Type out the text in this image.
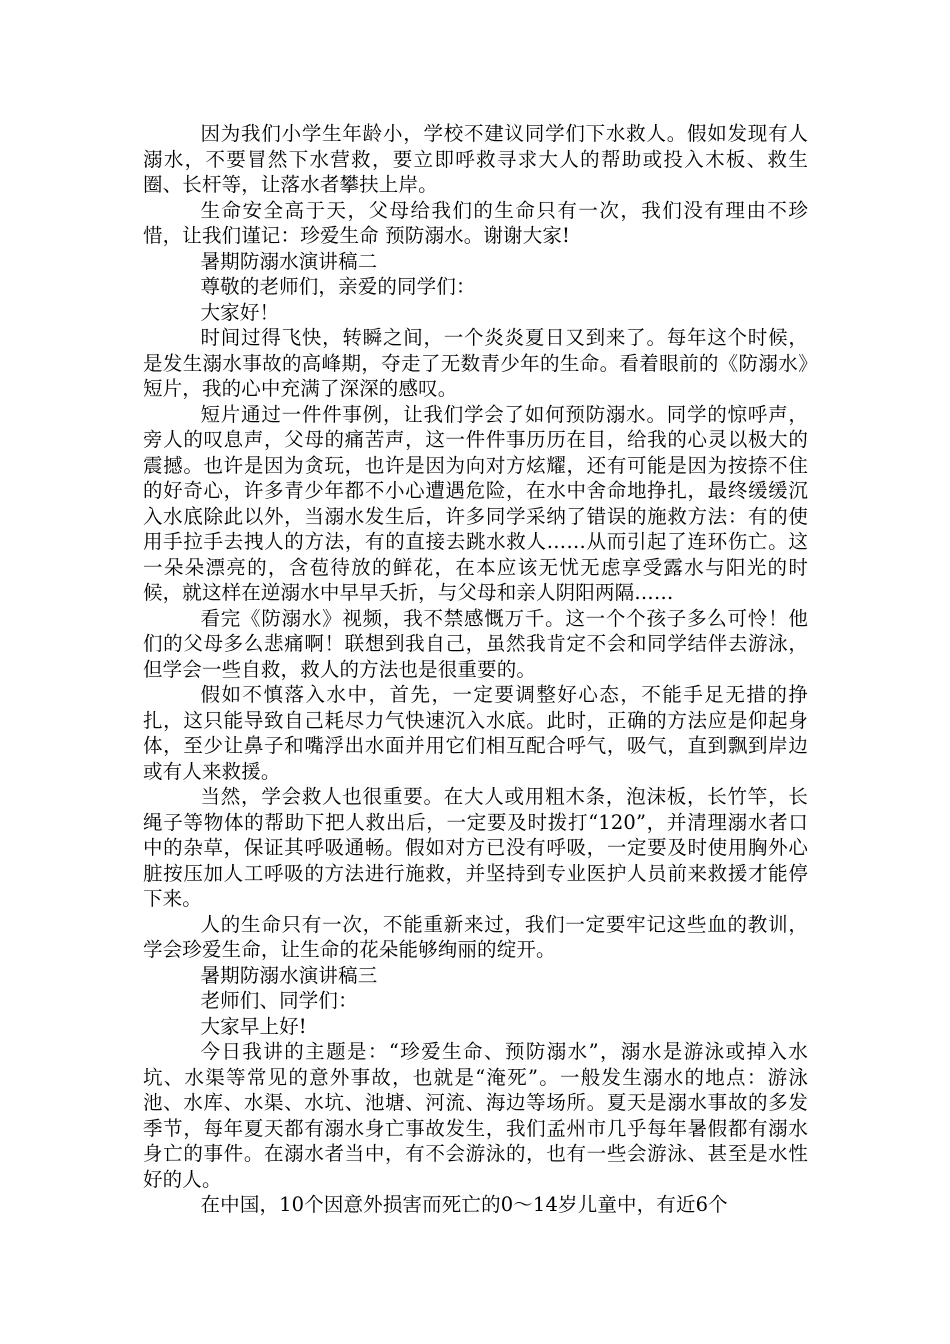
因为我们小学生年龄小，学校不建议同学们下水救人。假如发现有人溺水，不要冒然下水营救，要立即呼救寻求大人的帮助或投入木板、救生圈、长杆等，让落水者攀扶上岸。

生命安全高于天，父母给我们的生命只有一次，我们没有理由不珍惜，让我们谨记：珍爱生命 预防溺水。谢谢大家!

暑期防溺水演讲稿二

尊敬的老师们，亲爱的同学们：

大家好！

时间过得飞快，转瞬之间，一个炎炎夏日又到来了。每年这个时候，是发生溺水事故的高峰期，夺走了无数青少年的生命。看着眼前的《防溺水》短片，我的心中充满了深深的感叹。

短片通过一件件事例，让我们学会了如何预防溺水。同学的惊呼声，旁人的叹息声，父母的痛苦声，这一件件事历历在目，给我的心灵以极大的震撼。也许是因为贪玩，也许是因为向对方炫耀，还有可能是因为按捺不住的好奇心，许多青少年都不小心遭遇危险，在水中舍命地挣扎，最终缓缓沉入水底除此以外，当溺水发生后，许多同学采纳了错误的施救方法：有的使用手拉手去拽人的方法，有的直接去跳水救人……从而引起了连环伤亡。这一朵朵漂亮的，含苞待放的鲜花，在本应该无忧无虑享受露水与阳光的时候，就这样在逆溺水中早早夭折，与父母和亲人阴阳两隔……

看完《防溺水》视频，我不禁感慨万千。这一个个孩子多么可怜！他们的父母多么悲痛啊！联想到我自己，虽然我肯定不会和同学结伴去游泳，但学会一些自救，救人的方法也是很重要的。

假如不慎落入水中，首先，一定要调整好心态，不能手足无措的挣扎，这只能导致自己耗尽力气快速沉入水底。此时，正确的方法应是仰起身体，至少让鼻子和嘴浮出水面并用它们相互配合呼气，吸气，直到飘到岸边或有人来救援。

当然，学会救人也很重要。在大人或用粗木条，泡沫板，长竹竿，长绳子等物体的帮助下把人救出后，一定要及时拨打“120”，并清理溺水者口中的杂草，保证其呼吸通畅。假如对方已没有呼吸，一定要及时使用胸外心脏按压加人工呼吸的方法进行施救，并坚持到专业医护人员前来救援才能停下来。

人的生命只有一次，不能重新来过，我们一定要牢记这些血的教训，学会珍爱生命，让生命的花朵能够绚丽的绽开。

暑期防溺水演讲稿三

老师们、同学们：

大家早上好!

今日我讲的主题是：“珍爱生命、预防溺水”，溺水是游泳或掉入水坑、水渠等常见的意外事故，也就是“淹死”。一般发生溺水的地点：游泳池、水库、水渠、水坑、池塘、河流、海边等场所。夏天是溺水事故的多发季节，每年夏天都有溺水身亡事故发生，我们孟州市几乎每年暑假都有溺水身亡的事件。在溺水者当中，有不会游泳的，也有一些会游泳、甚至是水性好的人。

在中国，10个因意外损害而死亡的0～14岁儿童中，有近6个
